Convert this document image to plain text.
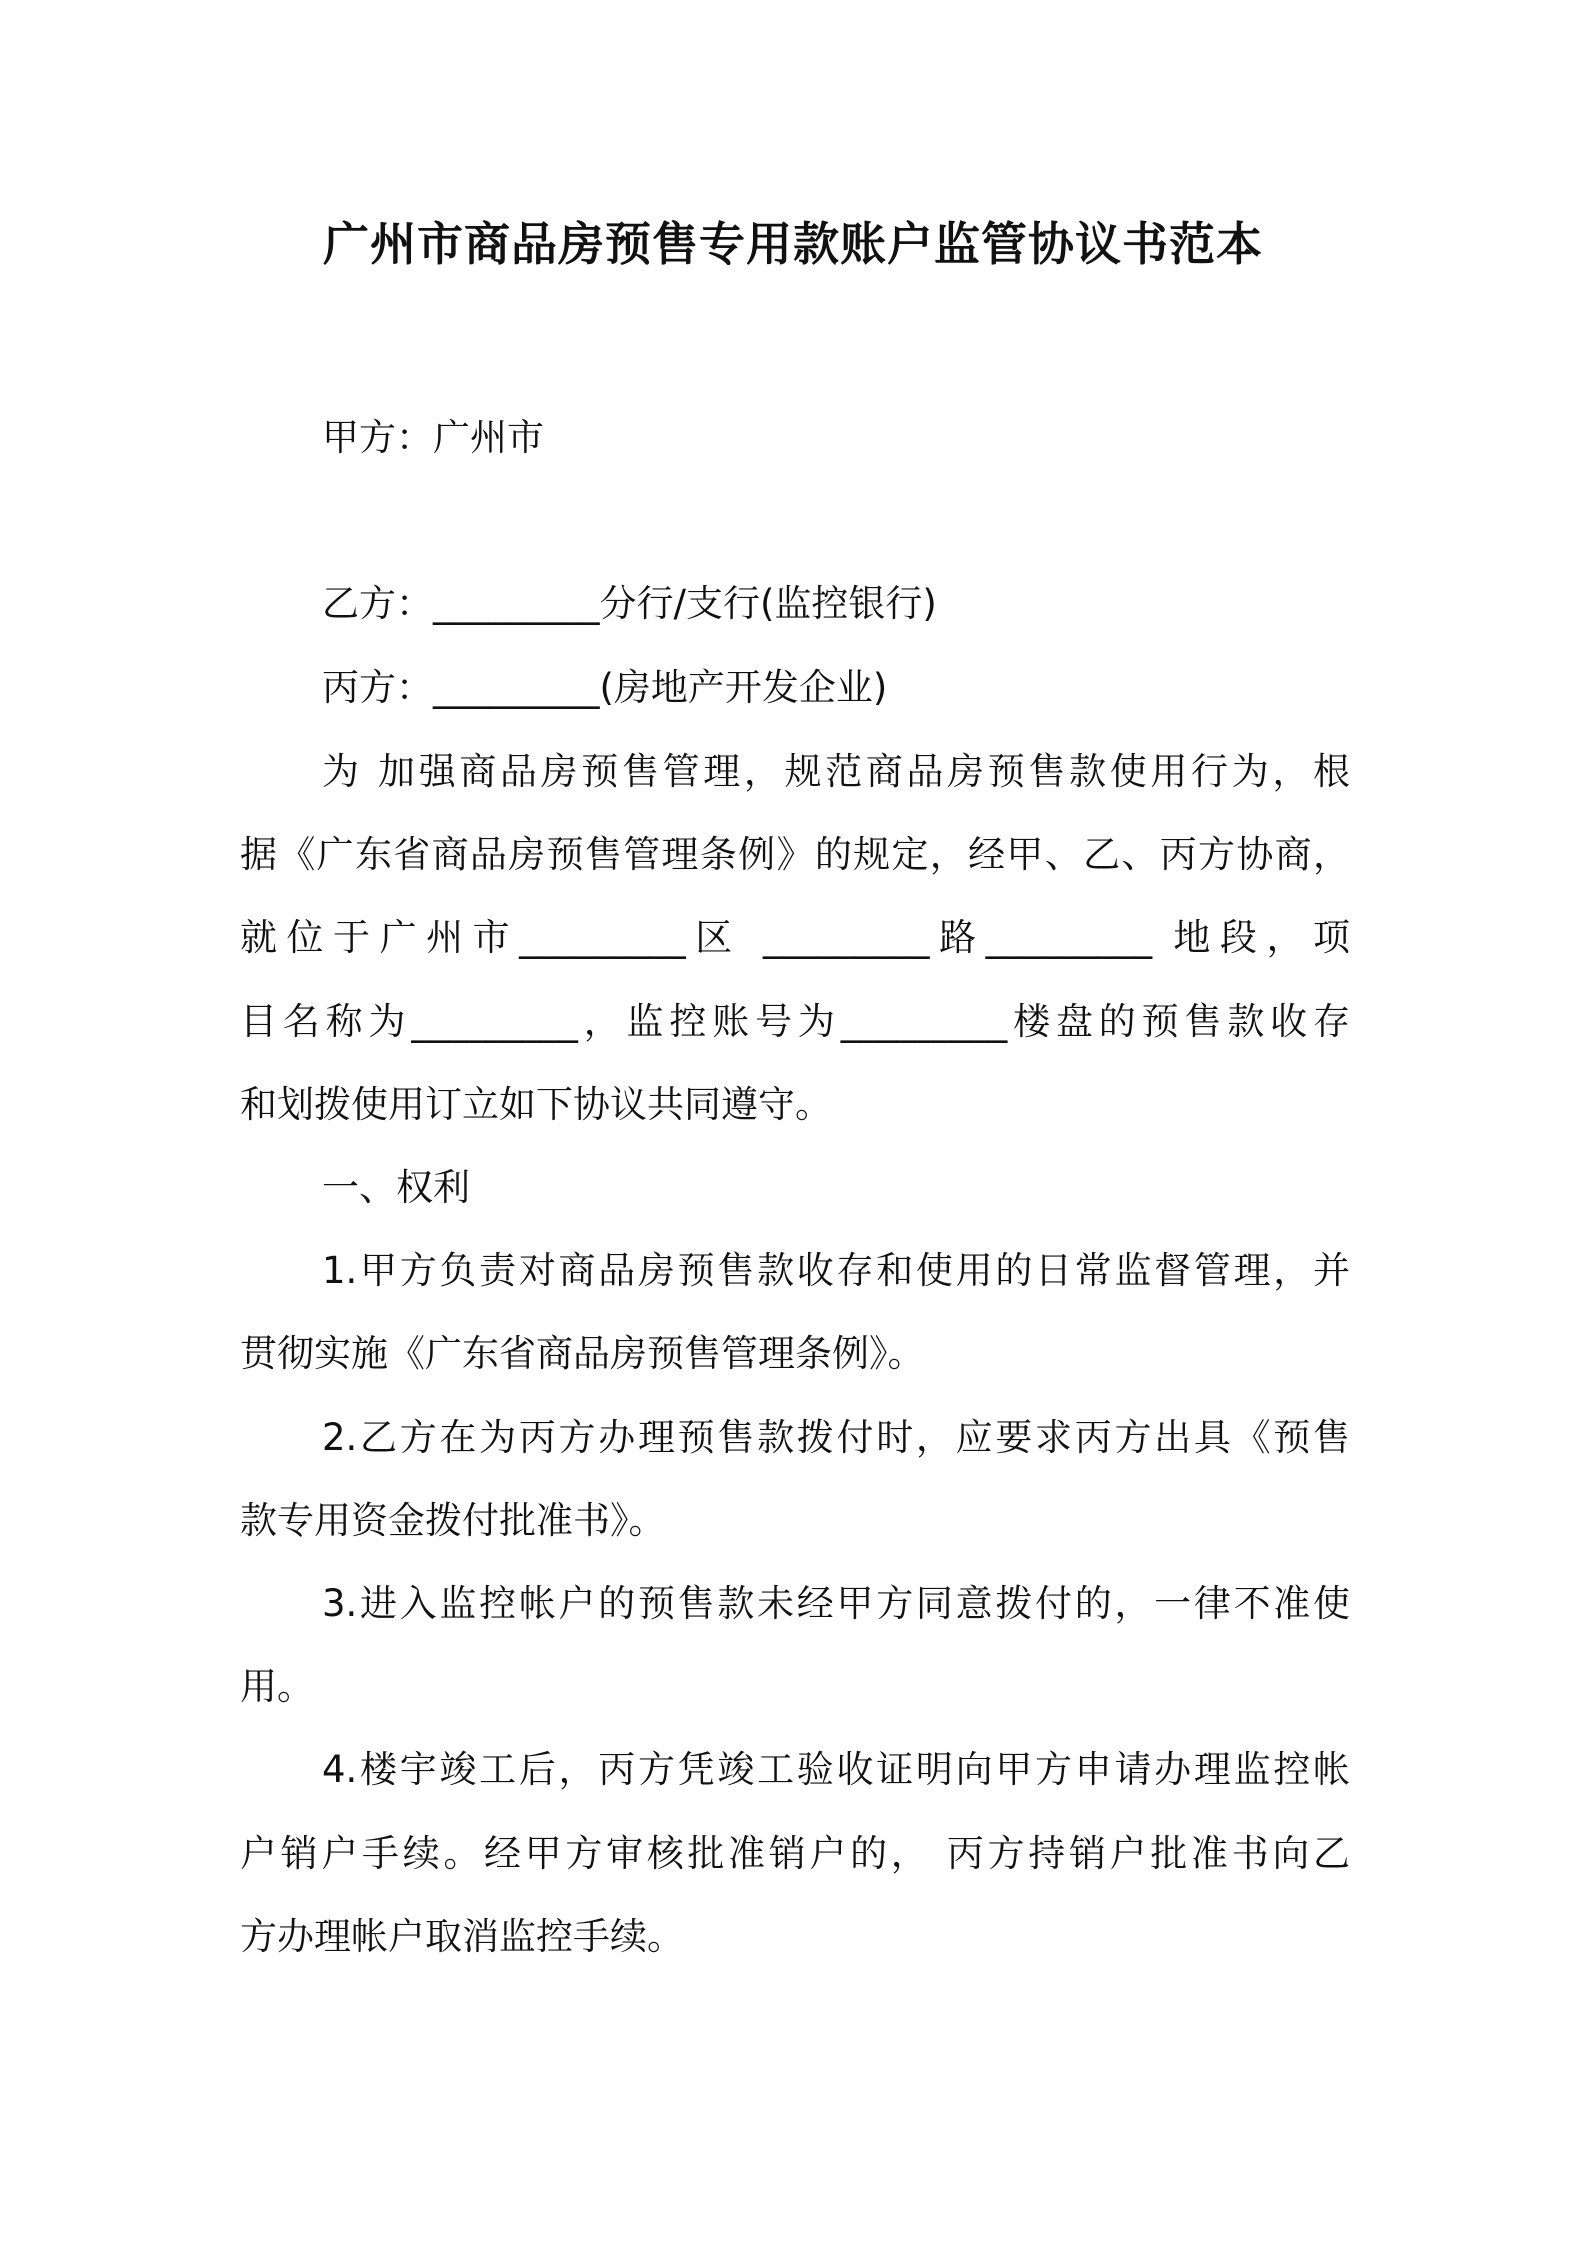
广州市商品房预售专用款账户监管协议书范本
甲方：广州市
乙方：_________分行/支行(监控银行)
丙方：_________(房地产开发企业)
为 加强商品房预售管理，规范商品房预售款使用行为，根
据《广东省商品房预售管理条例》的规定，经甲、乙、丙方协商，
就位于广州市_________区 _________路_________ 地段，项
目名称为_________，监控账号为_________楼盘的预售款收存
和划拨使用订立如下协议共同遵守。
一、权利
1.甲方负责对商品房预售款收存和使用的日常监督管理，并
贯彻实施《广东省商品房预售管理条例》。
2.乙方在为丙方办理预售款拨付时，应要求丙方出具《预售
款专用资金拨付批准书》。
3.进入监控帐户的预售款未经甲方同意拨付的，一律不准使
用。
4.楼宇竣工后，丙方凭竣工验收证明向甲方申请办理监控帐
户销户手续。经甲方审核批准销户的， 丙方持销户批准书向乙
方办理帐户取消监控手续。
